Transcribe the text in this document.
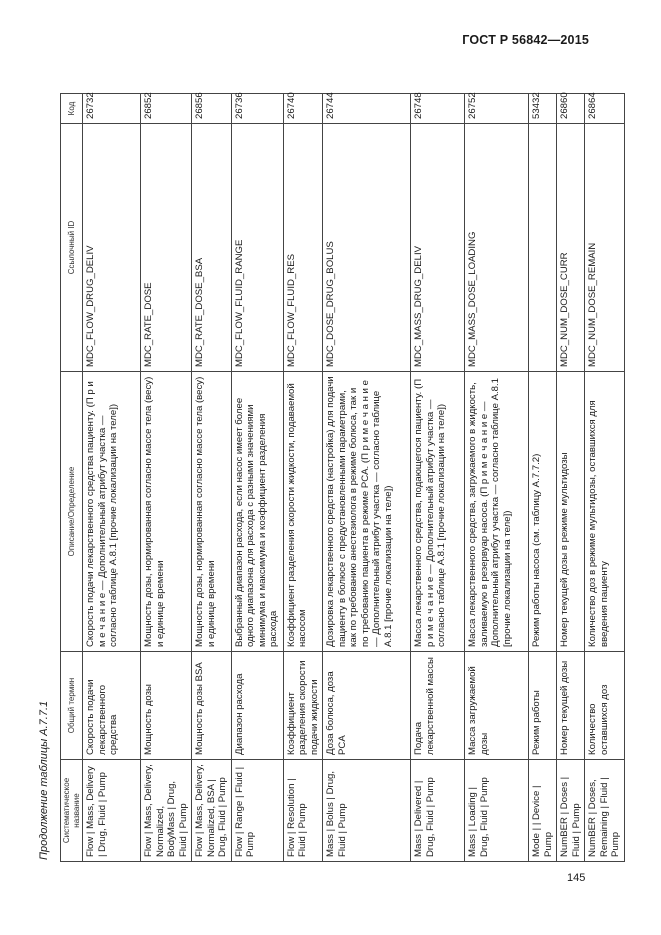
ГОСТ Р 56842—2015
Продолжение таблицы А.7.7.1 Систематическое название	Общий термин	Описание/Определение	Ссылочный ID	Код
Flow | Mass, Delivery | Drug, Fluid | Pump	Скорость подачи лекарственного средства	Скорость подачи лекарственного средства пациенту. (П р и м е ч а н и е — Дополнительный атрибут участка — согласно таблице А.8.1 [прочие локализации на теле])	MDC_FLOW_DRUG_DELIV	26732
Flow | Mass, Delivery, Normalized, BodyMass | Drug, Fluid | Pump	Мощность дозы	Мощность дозы, нормированная согласно массе тела (весу) и единице времени	MDC_RATE_DOSE	26852
Flow | Mass, Delivery, Normalized, BSA | Drug, Fluid | Pump	Мощность дозы BSA	Мощность дозы, нормированная согласно массе тела (весу) и единице времени	MDC_RATE_DOSE_BSA	26856
Flow | Range | Fluid | Pump	Диапазон расхода	Выбранный диапазон расхода, если насос имеет более одного диапазона для расхода с разными значениями минимума и максимума и коэффициент разделения расхода	MDC_FLOW_FLUID_RANGE	26736
Flow | Resolution | Fluid | Pump	Коэффициент разделения скорости подачи жидкости	Коэффициент разделения скорости жидкости, подаваемой насосом	MDC_FLOW_FLUID_RES	26740
Mass | Bolus | Drug, Fluid | Pump	Доза болюса, доза PCA	Дозировка лекарственного средства (настройка) для подачи пациенту в болюсе с предустановленными параметрами, как по требованию анестезиолога в режиме болюса, так и по требованию пациента в режиме PCA. (П р и м е ч а н и е — Дополнительный атрибут участка — согласно таблице А.8.1 [прочие локализации на теле])	MDC_DOSE_DRUG_BOLUS	26744
Mass | Delivered | Drug, Fluid | Pump	Подача лекарственной массы	Масса лекарственного средства, подающегося пациенту. (П р и м е ч а н и е — Дополнительный атрибут участка — согласно таблице А.8.1 [прочие локализации на теле])	MDC_MASS_DRUG_DELIV	26748
Mass | Loading | Drug, Fluid | Pump	Масса загружаемой дозы	Масса лекарственного средства, загружаемого в жидкость, заливаемую в резервуар насоса. (П р и м е ч а н и е — Дополнительный атрибут участка — согласно таблице А.8.1 [прочие локализации на теле])	MDC_MASS_DOSE_LOADING	26752
Mode | | Device | Pump	Режим работы	Режим работы насоса (см. таблицу А.7.7.2)		53432
NumBER | Doses | Fluid | Pump	Номер текущей дозы	Номер текущей дозы в режиме мультидозы	MDC_NUM_DOSE_CURR	26860
NumBER | Doses, Remaining | Fluid | Pump	Количество оставшихся доз	Количество доз в режиме мультидозы, оставшихся для введения пациенту	MDC_NUM_DOSE_REMAIN	26864
145
